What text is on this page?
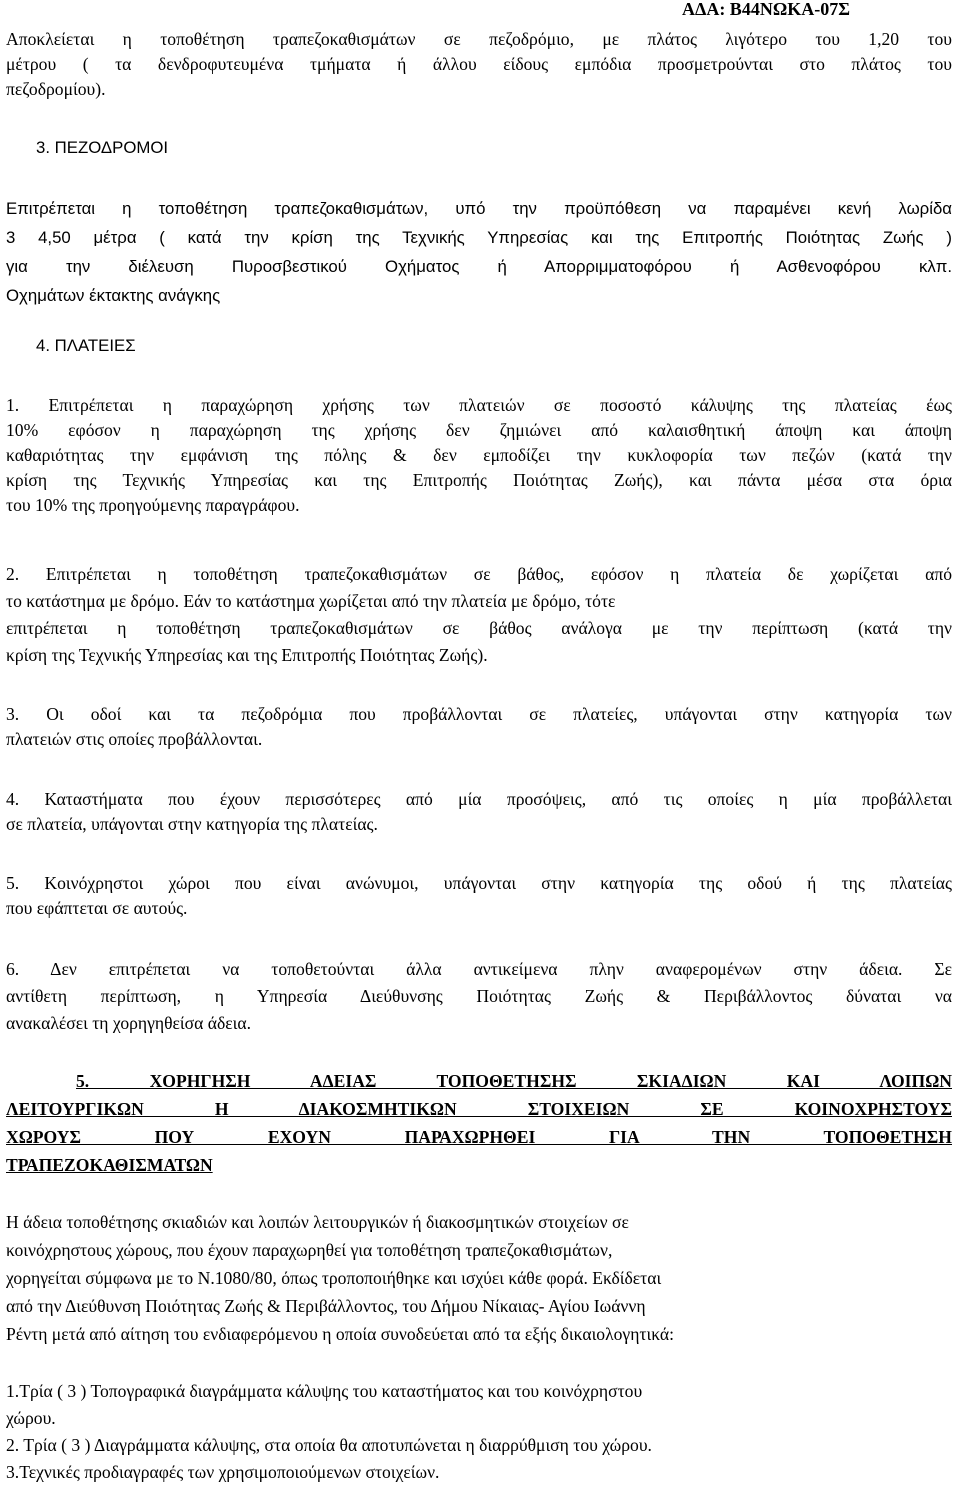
ΑΔΑ: Β44ΝΩΚΑ-07Σ
Αποκλείεται η τοποθέτηση τραπεζοκαθισμάτων σε πεζοδρόμιο, με πλάτος λιγότερο του 1,20 του
μέτρου ( τα δενδροφυτευμένα τμήματα ή άλλου είδους εμπόδια προσμετρούνται στο πλάτος του
πεζοδρομίου).
3. ΠΕΖΟΔΡΟΜΟΙ
Επιτρέπεται η τοποθέτηση τραπεζοκαθισμάτων, υπό την προϋπόθεση να παραμένει κενή λωρίδα
3 4,50 μέτρα ( κατά την κρίση της Τεχνικής Υπηρεσίας και της Επιτροπής Ποιότητας Ζωής )
για την διέλευση Πυροσβεστικού Οχήματος ή Απορριμματοφόρου ή Ασθενοφόρου κλπ.
Οχημάτων έκτακτης ανάγκης
4. ΠΛΑΤΕΙΕΣ
1. Επιτρέπεται η παραχώρηση χρήσης των πλατειών σε ποσοστό κάλυψης της πλατείας έως
10% εφόσον η παραχώρηση της χρήσης δεν ζημιώνει από καλαισθητική άποψη και άποψη
καθαριότητας την εμφάνιση της πόλης & δεν εμποδίζει την κυκλοφορία των πεζών (κατά την
κρίση της Τεχνικής Υπηρεσίας και της Επιτροπής Ποιότητας Ζωής), και πάντα μέσα στα όρια
του 10% της προηγούμενης παραγράφου.
2. Επιτρέπεται η τοποθέτηση τραπεζοκαθισμάτων σε βάθος, εφόσον η πλατεία δε χωρίζεται από
το κατάστημα με δρόμο. Εάν το κατάστημα χωρίζεται από την πλατεία με δρόμο, τότε
επιτρέπεται η τοποθέτηση τραπεζοκαθισμάτων σε βάθος ανάλογα με την περίπτωση (κατά την
κρίση της Τεχνικής Υπηρεσίας και της Επιτροπής Ποιότητας Ζωής).
3. Οι οδοί και τα πεζοδρόμια που προβάλλονται σε πλατείες, υπάγονται στην κατηγορία των
πλατειών στις οποίες προβάλλονται.
4. Καταστήματα που έχουν περισσότερες από μία προσόψεις, από τις οποίες η μία προβάλλεται
σε πλατεία, υπάγονται στην κατηγορία της πλατείας.
5. Κοινόχρηστοι χώροι που είναι ανώνυμοι, υπάγονται στην κατηγορία της οδού ή της πλατείας
που εφάπτεται σε αυτούς.
6. Δεν επιτρέπεται να τοποθετούνται άλλα αντικείμενα πλην αναφερομένων στην άδεια. Σε
αντίθετη περίπτωση, η Υπηρεσία Διεύθυνσης Ποιότητας Ζωής & Περιβάλλοντος δύναται να
ανακαλέσει τη χορηγηθείσα άδεια.
5. ΧΟΡΗΓΗΣΗ ΑΔΕΙΑΣ ΤΟΠΟΘΕΤΗΣΗΣ ΣΚΙΑΔΙΩΝ ΚΑΙ ΛΟΙΠΩΝ
ΛΕΙΤΟΥΡΓΙΚΩΝ Η ΔΙΑΚΟΣΜΗΤΙΚΩΝ ΣΤΟΙΧΕΙΩΝ ΣΕ ΚΟΙΝΟΧΡΗΣΤΟΥΣ
ΧΩΡΟΥΣ ΠΟΥ ΕΧΟΥΝ ΠΑΡΑΧΩΡΗΘΕΙ ΓΙΑ ΤΗΝ ΤΟΠΟΘΕΤΗΣΗ
ΤΡΑΠΕΖΟΚΑΘΙΣΜΑΤΩΝ
Η άδεια τοποθέτησης σκιαδιών και λοιπών λειτουργικών ή διακοσμητικών στοιχείων σε
κοινόχρηστους χώρους, που έχουν παραχωρηθεί για τοποθέτηση τραπεζοκαθισμάτων,
χορηγείται σύμφωνα με το Ν.1080/80, όπως τροποποιήθηκε και ισχύει κάθε φορά. Εκδίδεται
από την Διεύθυνση Ποιότητας Ζωής & Περιβάλλοντος, του Δήμου Νίκαιας- Αγίου Ιωάννη
Ρέντη μετά από αίτηση του ενδιαφερόμενου η οποία συνοδεύεται από τα εξής δικαιολογητικά:
1.Τρία ( 3 ) Τοπογραφικά διαγράμματα κάλυψης του καταστήματος και του κοινόχρηστου
χώρου.
2. Τρία ( 3 ) Διαγράμματα κάλυψης, στα οποία θα αποτυπώνεται η διαρρύθμιση του χώρου.
3.Τεχνικές προδιαγραφές των χρησιμοποιούμενων στοιχείων.
